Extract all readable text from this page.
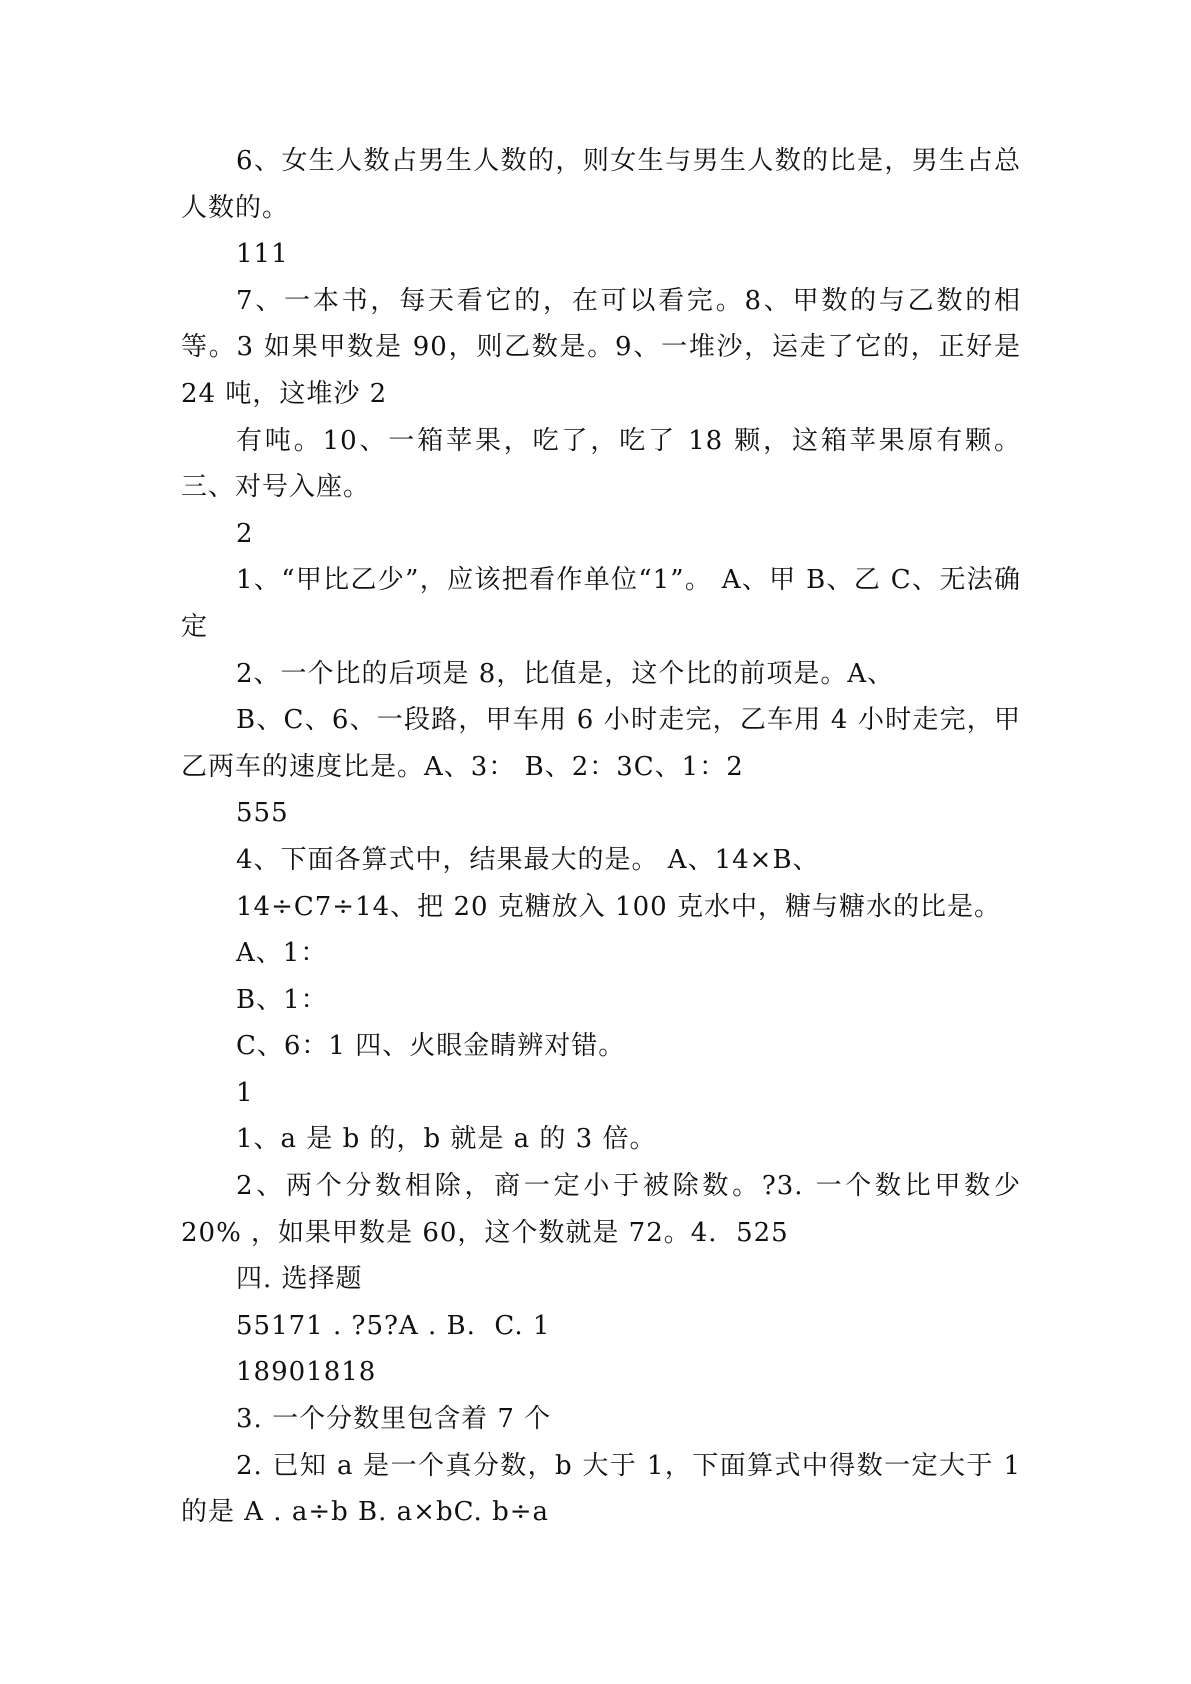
6、女生人数占男生人数的，则女生与男生人数的比是，男生占总人数的。

111

7、一本书，每天看它的，在可以看完。8、甲数的与乙数的相等。3 如果甲数是 90，则乙数是。9、一堆沙，运走了它的，正好是 24 吨，这堆沙 2

有吨。10、一箱苹果，吃了，吃了 18 颗，这箱苹果原有颗。三、对号入座。

2

1、“甲比乙少”，应该把看作单位“1”。 A、甲 B、乙 C、无法确定

2、一个比的后项是 8，比值是，这个比的前项是。A、

B、C、6、一段路，甲车用 6 小时走完，乙车用 4 小时走完，甲乙两车的速度比是。A、3： B、2：3C、1：2

555

4、下面各算式中，结果最大的是。 A、14×B、

14÷C7÷14、把 20 克糖放入 100 克水中，糖与糖水的比是。

A、1：

B、1：

C、6：1 四、火眼金睛辨对错。

1

1、a 是 b 的，b 就是 a 的 3 倍。

2、两个分数相除，商一定小于被除数。?3. 一个数比甲数少 20% ，如果甲数是 60，这个数就是 72。4.  525

四. 选择题

55171 . ?5?A . B.  C. 1

18901818

3. 一个分数里包含着 7 个

2. 已知 a 是一个真分数，b 大于 1，下面算式中得数一定大于 1 的是 A . a÷b B. a×bC. b÷a
